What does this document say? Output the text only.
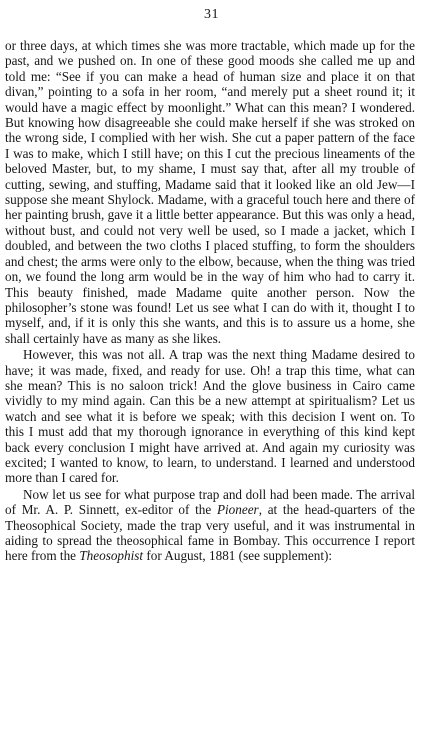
31

or three days, at which times she was more tractable, which made up for the past, and we pushed on. In one of these good moods she called me up and told me: “See if you can make a head of human size and place it on that divan,” pointing to a sofa in her room, “and merely put a sheet round it; it would have a magic effect by moonlight.” What can this mean? I wondered. But knowing how disagreeable she could make herself if she was stroked on the wrong side, I complied with her wish. She cut a paper pattern of the face I was to make, which I still have; on this I cut the precious lineaments of the beloved Master, but, to my shame, I must say that, after all my trouble of cutting, sewing, and stuffing, Madame said that it looked like an old Jew—I suppose she meant Shylock. Madame, with a graceful touch here and there of her painting brush, gave it a little better appearance. But this was only a head, without bust, and could not very well be used, so I made a jacket, which I doubled, and between the two cloths I placed stuffing, to form the shoulders and chest; the arms were only to the elbow, because, when the thing was tried on, we found the long arm would be in the way of him who had to carry it. This beauty finished, made Madame quite another person. Now the philosopher’s stone was found! Let us see what I can do with it, thought I to myself, and, if it is only this she wants, and this is to assure us a home, she shall certainly have as many as she likes.

However, this was not all. A trap was the next thing Madame desired to have; it was made, fixed, and ready for use. Oh! a trap this time, what can she mean? This is no saloon trick! And the glove business in Cairo came vividly to my mind again. Can this be a new attempt at spiritualism? Let us watch and see what it is before we speak; with this decision I went on. To this I must add that my thorough ignorance in everything of this kind kept back every conclusion I might have arrived at. And again my curiosity was excited; I wanted to know, to learn, to understand. I learned and understood more than I cared for.

Now let us see for what purpose trap and doll had been made. The arrival of Mr. A. P. Sinnett, ex-editor of the Pioneer, at the head-quarters of the Theosophical Society, made the trap very useful, and it was instrumental in aiding to spread the theosophical fame in Bombay. This occurrence I report here from the Theosophist for August, 1881 (see supplement):
